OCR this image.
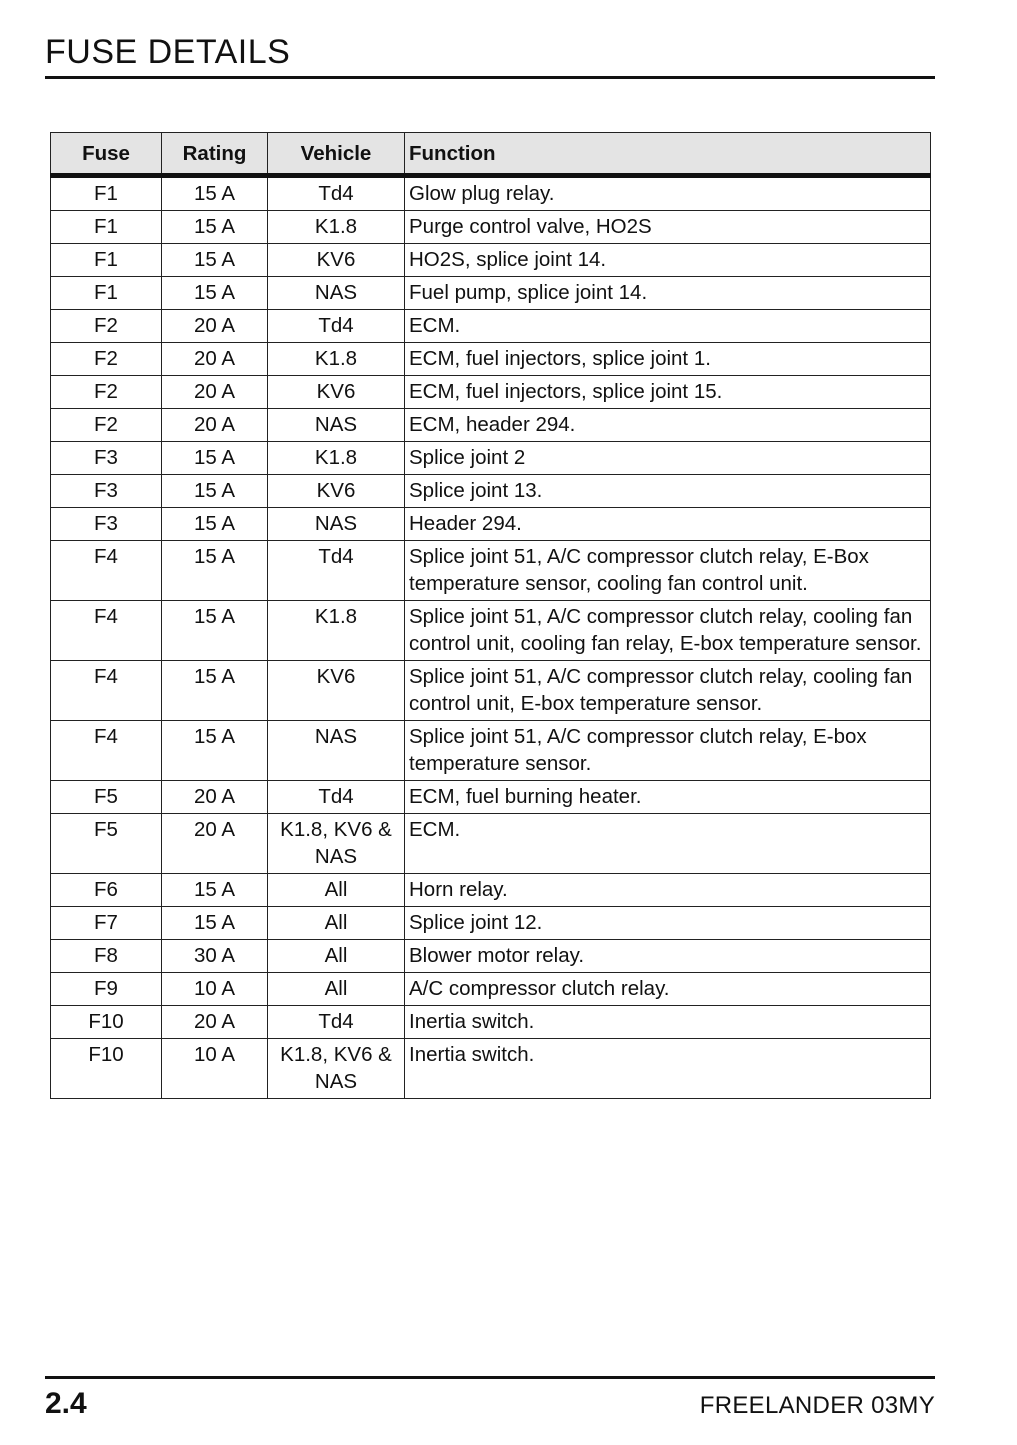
FUSE DETAILS
Fuse	Rating	Vehicle	Function
F1	15 A	Td4	Glow plug relay.
F1	15 A	K1.8	Purge control valve, HO2S
F1	15 A	KV6	HO2S, splice joint 14.
F1	15 A	NAS	Fuel pump, splice joint 14.
F2	20 A	Td4	ECM.
F2	20 A	K1.8	ECM, fuel injectors, splice joint 1.
F2	20 A	KV6	ECM, fuel injectors, splice joint 15.
F2	20 A	NAS	ECM, header 294.
F3	15 A	K1.8	Splice joint 2
F3	15 A	KV6	Splice joint 13.
F3	15 A	NAS	Header 294.
F4	15 A	Td4	Splice joint 51, A/C compressor clutch relay, E-Box temperature sensor, cooling fan control unit.
F4	15 A	K1.8	Splice joint 51, A/C compressor clutch relay, cooling fan control unit, cooling fan relay, E-box temperature sensor.
F4	15 A	KV6	Splice joint 51, A/C compressor clutch relay, cooling fan control unit, E-box temperature sensor.
F4	15 A	NAS	Splice joint 51, A/C compressor clutch relay, E-box temperature sensor.
F5	20 A	Td4	ECM, fuel burning heater.
F5	20 A	K1.8, KV6 & NAS	ECM.
F6	15 A	All	Horn relay.
F7	15 A	All	Splice joint 12.
F8	30 A	All	Blower motor relay.
F9	10 A	All	A/C compressor clutch relay.
F10	20 A	Td4	Inertia switch.
F10	10 A	K1.8, KV6 & NAS	Inertia switch.
2.4	FREELANDER 03MY
